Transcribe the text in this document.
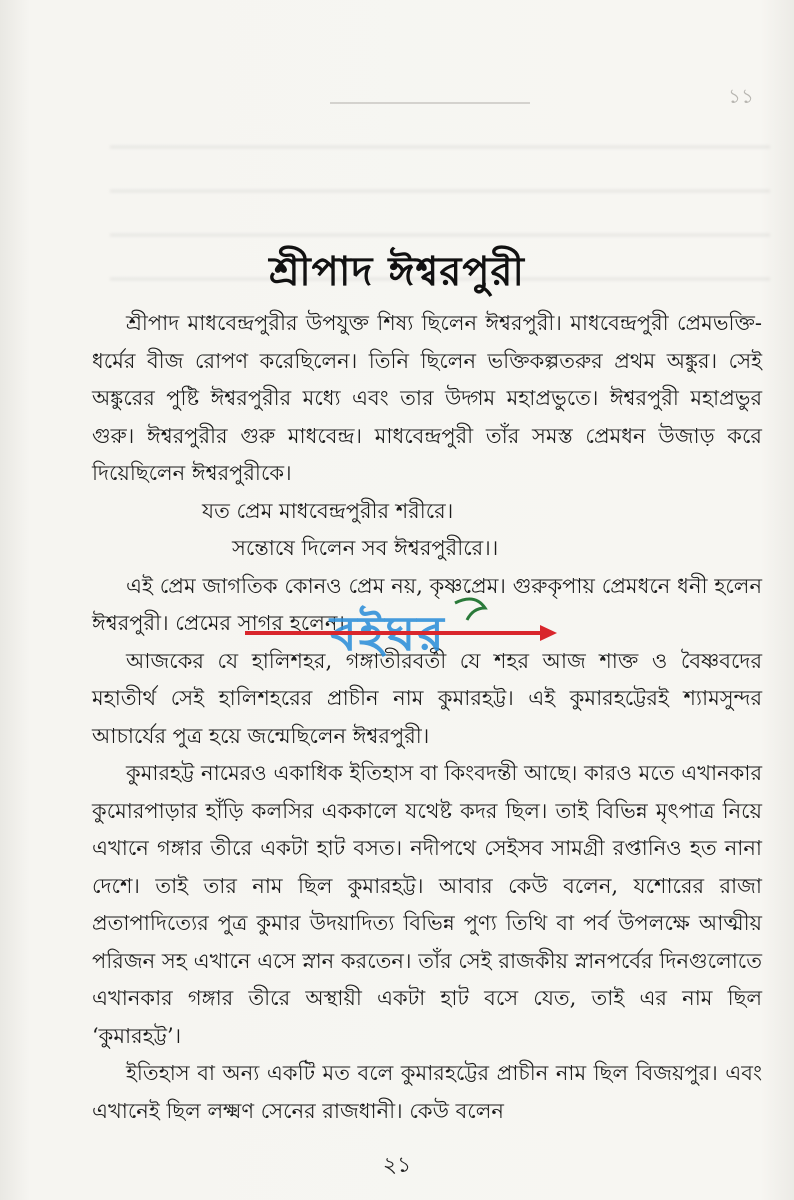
১১
শ্রীপাদ ঈশ্বরপুরী

শ্রীপাদ মাধবেন্দ্রপুরীর উপযুক্ত শিষ্য ছিলেন ঈশ্বরপুরী। মাধবেন্দ্রপুরী প্রেমভক্তি-ধর্মের বীজ রোপণ করেছিলেন। তিনি ছিলেন ভক্তিকল্পতরুর প্রথম অঙ্কুর। সেই অঙ্কুরের পুষ্টি ঈশ্বরপুরীর মধ্যে এবং তার উদ্গম মহাপ্রভুতে। ঈশ্বরপুরী মহাপ্রভুর গুরু। ঈশ্বরপুরীর গুরু মাধবেন্দ্র। মাধবেন্দ্রপুরী তাঁর সমস্ত প্রেমধন উজাড় করে দিয়েছিলেন ঈশ্বরপুরীকে।

যত প্রেম মাধবেন্দ্রপুরীর শরীরে।

সন্তোষে দিলেন সব ঈশ্বরপুরীরে।।

এই প্রেম জাগতিক কোনও প্রেম নয়, কৃষ্ণপ্রেম। গুরুকৃপায় প্রেমধনে ধনী হলেন ঈশ্বরপুরী। প্রেমের সাগর হলেন।

আজকের যে হালিশহর, গঙ্গাতীরবর্তী যে শহর আজ শাক্ত ও বৈষ্ণবদের মহাতীর্থ সেই হালিশহরের প্রাচীন নাম কুমারহট্ট। এই কুমারহট্টেরই শ্যামসুন্দর আচার্যের পুত্র হয়ে জন্মেছিলেন ঈশ্বরপুরী।

কুমারহট্ট নামেরও একাধিক ইতিহাস বা কিংবদন্তী আছে। কারও মতে এখানকার কুমোরপাড়ার হাঁড়ি কলসির এককালে যথেষ্ট কদর ছিল। তাই বিভিন্ন মৃৎপাত্র নিয়ে এখানে গঙ্গার তীরে একটা হাট বসত। নদীপথে সেইসব সামগ্রী রপ্তানিও হত নানা দেশে। তাই তার নাম ছিল কুমারহট্ট। আবার কেউ বলেন, যশোরের রাজা প্রতাপাদিত্যের পুত্র কুমার উদয়াদিত্য বিভিন্ন পুণ্য তিথি বা পর্ব উপলক্ষে আত্মীয় পরিজন সহ এখানে এসে স্নান করতেন। তাঁর সেই রাজকীয় স্নানপর্বের দিনগুলোতে এখানকার গঙ্গার তীরে অস্থায়ী একটা হাট বসে যেত, তাই এর নাম ছিল ‘কুমারহট্ট’।

ইতিহাস বা অন্য একটি মত বলে কুমারহট্টের প্রাচীন নাম ছিল বিজয়পুর। এবং এখানেই ছিল লক্ষ্মণ সেনের রাজধানী। কেউ বলেন

বইঘর
২১
